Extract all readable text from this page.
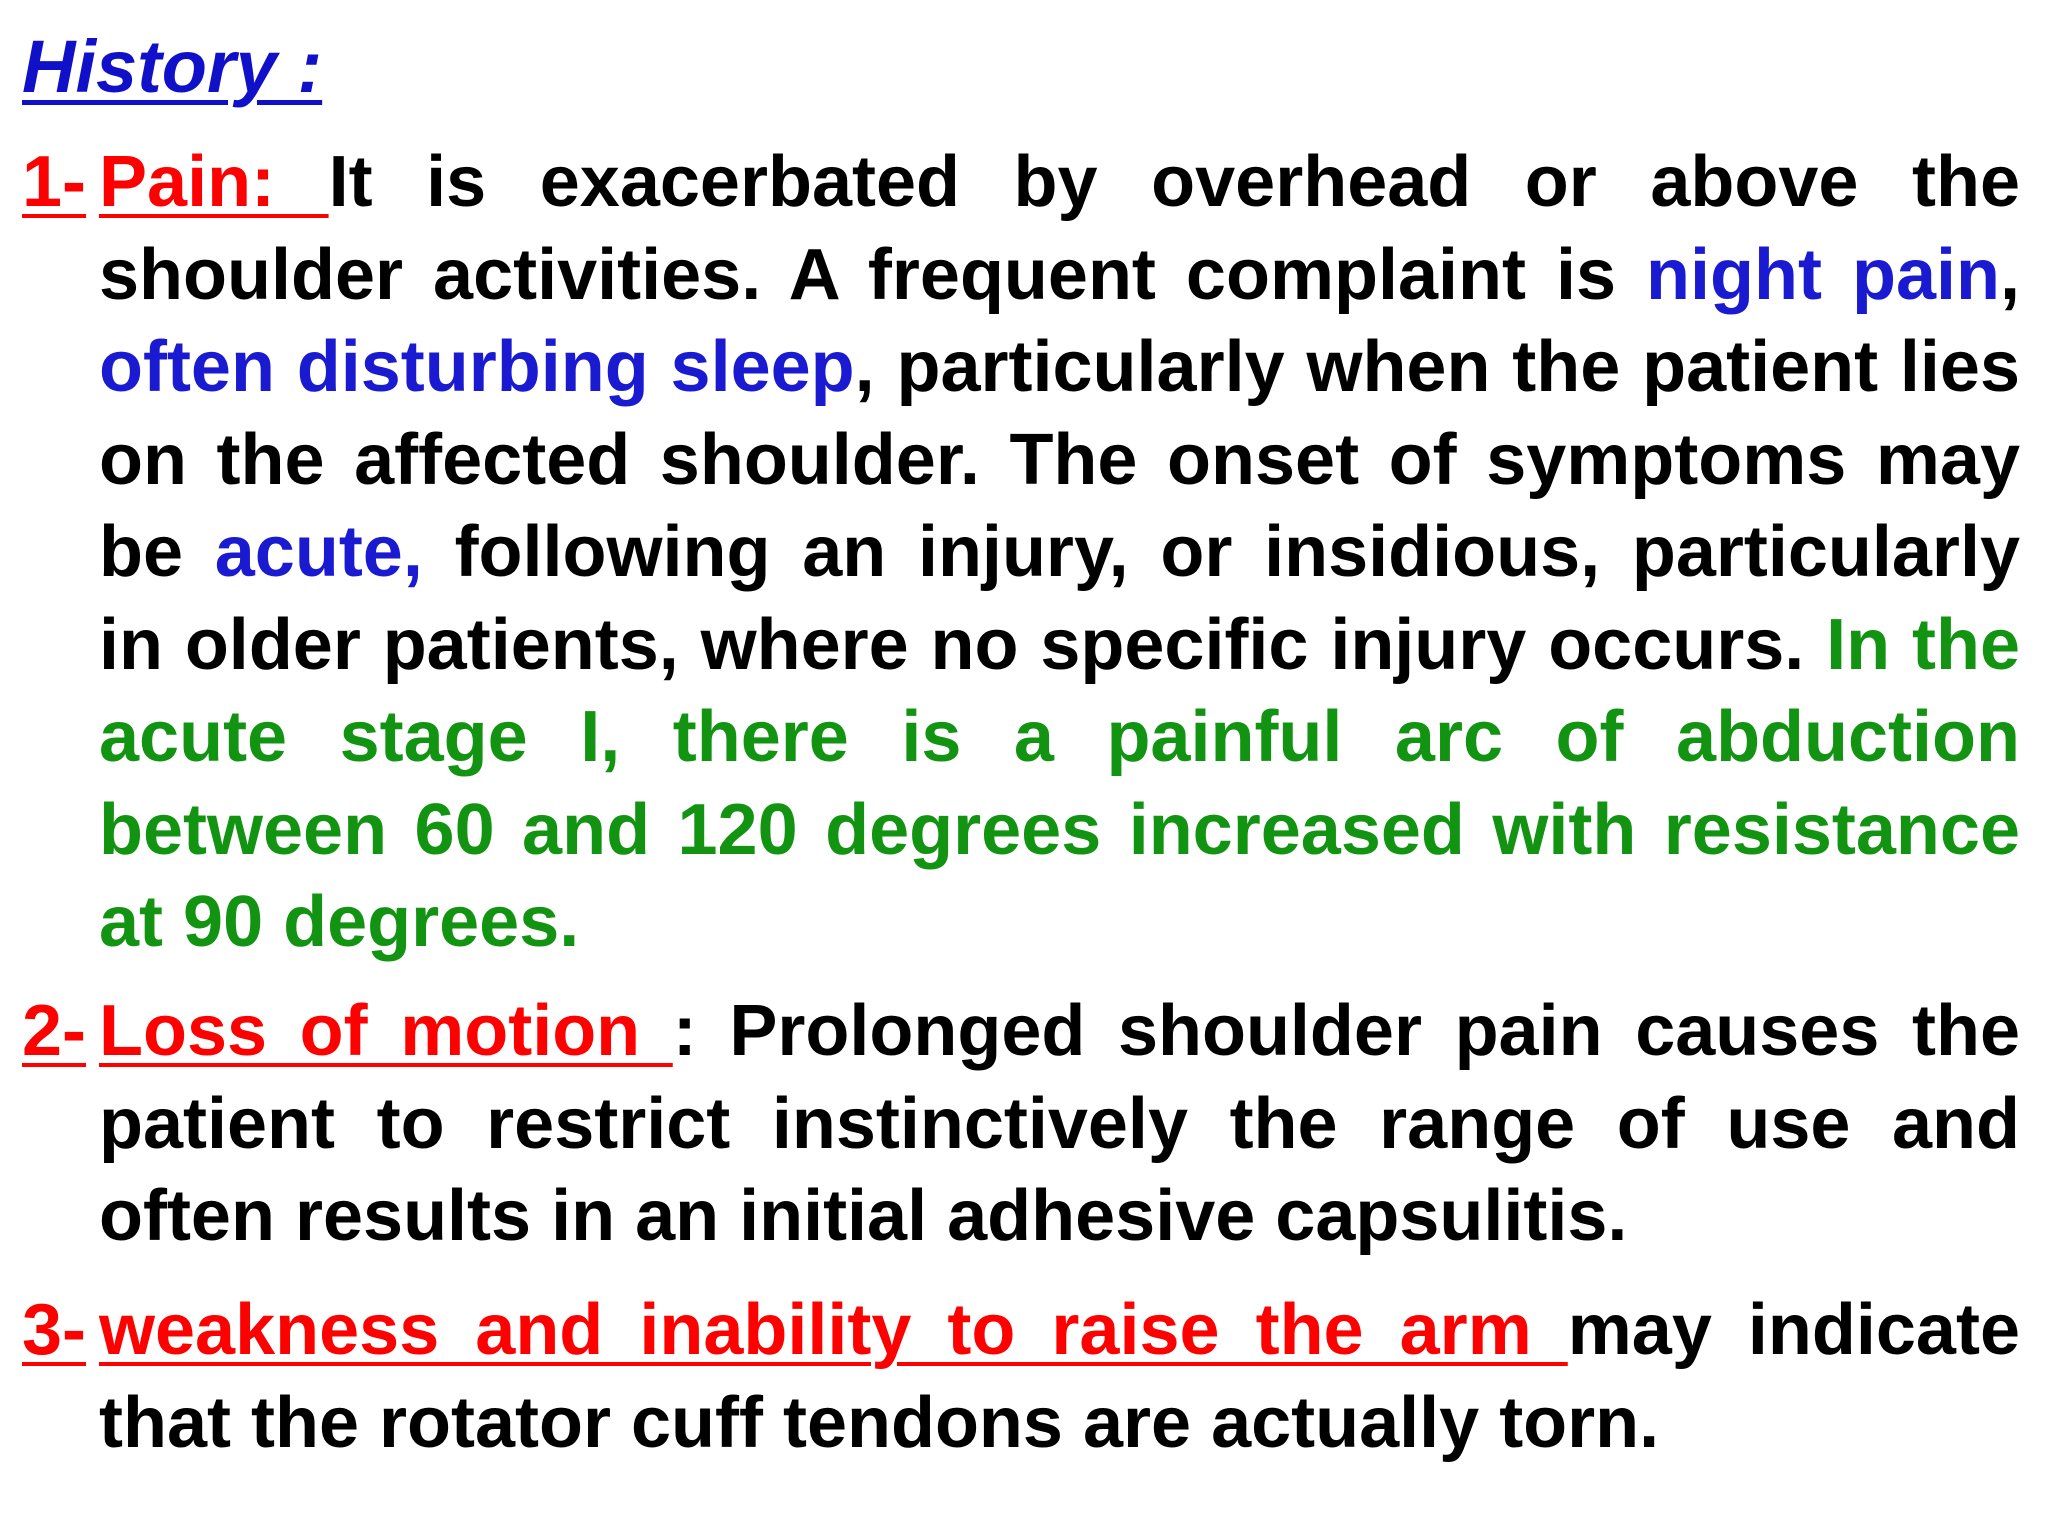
History :
1- Pain: It is exacerbated by overhead or above the shoulder activities. A frequent complaint is night pain, often disturbing sleep, particularly when the patient lies on the affected shoulder. The onset of symptoms may be acute, following an injury, or insidious, particularly in older patients, where no specific injury occurs. In the acute stage I, there is a painful arc of abduction between 60 and 120 degrees increased with resistance at 90 degrees.
2- Loss of motion : Prolonged shoulder pain causes the patient to restrict instinctively the range of use and often results in an initial adhesive capsulitis.
3- weakness and inability to raise the arm may indicate that the rotator cuff tendons are actually torn.
